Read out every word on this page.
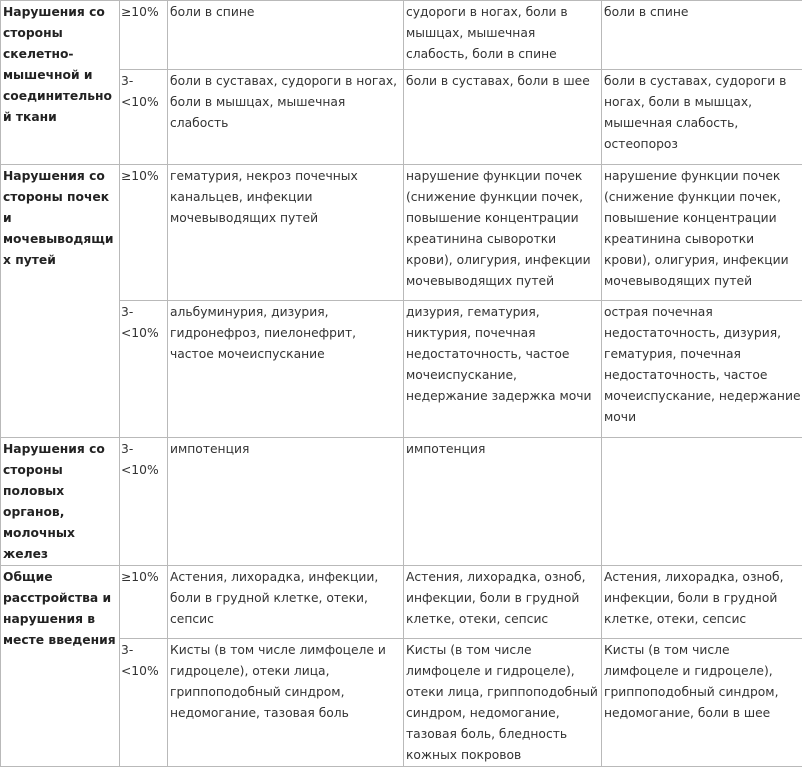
Нарушения со стороны скелетно-мышечной и соединительной ткани	≥10%	боли в спине	судороги в ногах, боли в мышцах, мышечная слабость, боли в спине	боли в спине
	3-<10%	боли в суставах, судороги в ногах, боли в мышцах, мышечная слабость	боли в суставах, боли в шее	боли в суставах, судороги в ногах, боли в мышцах, мышечная слабость, остеопороз
Нарушения со стороны почек и мочевыводящих путей	≥10%	гематурия, некроз почечных канальцев, инфекции мочевыводящих путей	нарушение функции почек (снижение функции почек, повышение концентрации креатинина сыворотки крови), олигурия, инфекции мочевыводящих путей	нарушение функции почек (снижение функции почек, повышение концентрации креатинина сыворотки крови), олигурия, инфекции мочевыводящих путей
	3-<10%	альбуминурия, дизурия, гидронефроз, пиелонефрит, частое мочеиспускание	дизурия, гематурия, никтурия, почечная недостаточность, частое мочеиспускание, недержание задержка мочи	острая почечная недостаточность, дизурия, гематурия, почечная недостаточность, частое мочеиспускание, недержание мочи
Нарушения со стороны половых органов, молочных желез	3-<10%	импотенция	импотенция	
Общие расстройства и нарушения в месте введения	≥10%	Астения, лихорадка, инфекции, боли в грудной клетке, отеки, сепсис	Астения, лихорадка, озноб, инфекции, боли в грудной клетке, отеки, сепсис	Астения, лихорадка, озноб, инфекции, боли в грудной клетке, отеки, сепсис
	3-<10%	Кисты (в том числе лимфоцеле и гидроцеле), отеки лица, гриппоподобный синдром, недомогание, тазовая боль	Кисты (в том числе лимфоцеле и гидроцеле), отеки лица, гриппоподобный синдром, недомогание, тазовая боль, бледность кожных покровов	Кисты (в том числе лимфоцеле и гидроцеле), гриппоподобный синдром, недомогание, боли в шее
